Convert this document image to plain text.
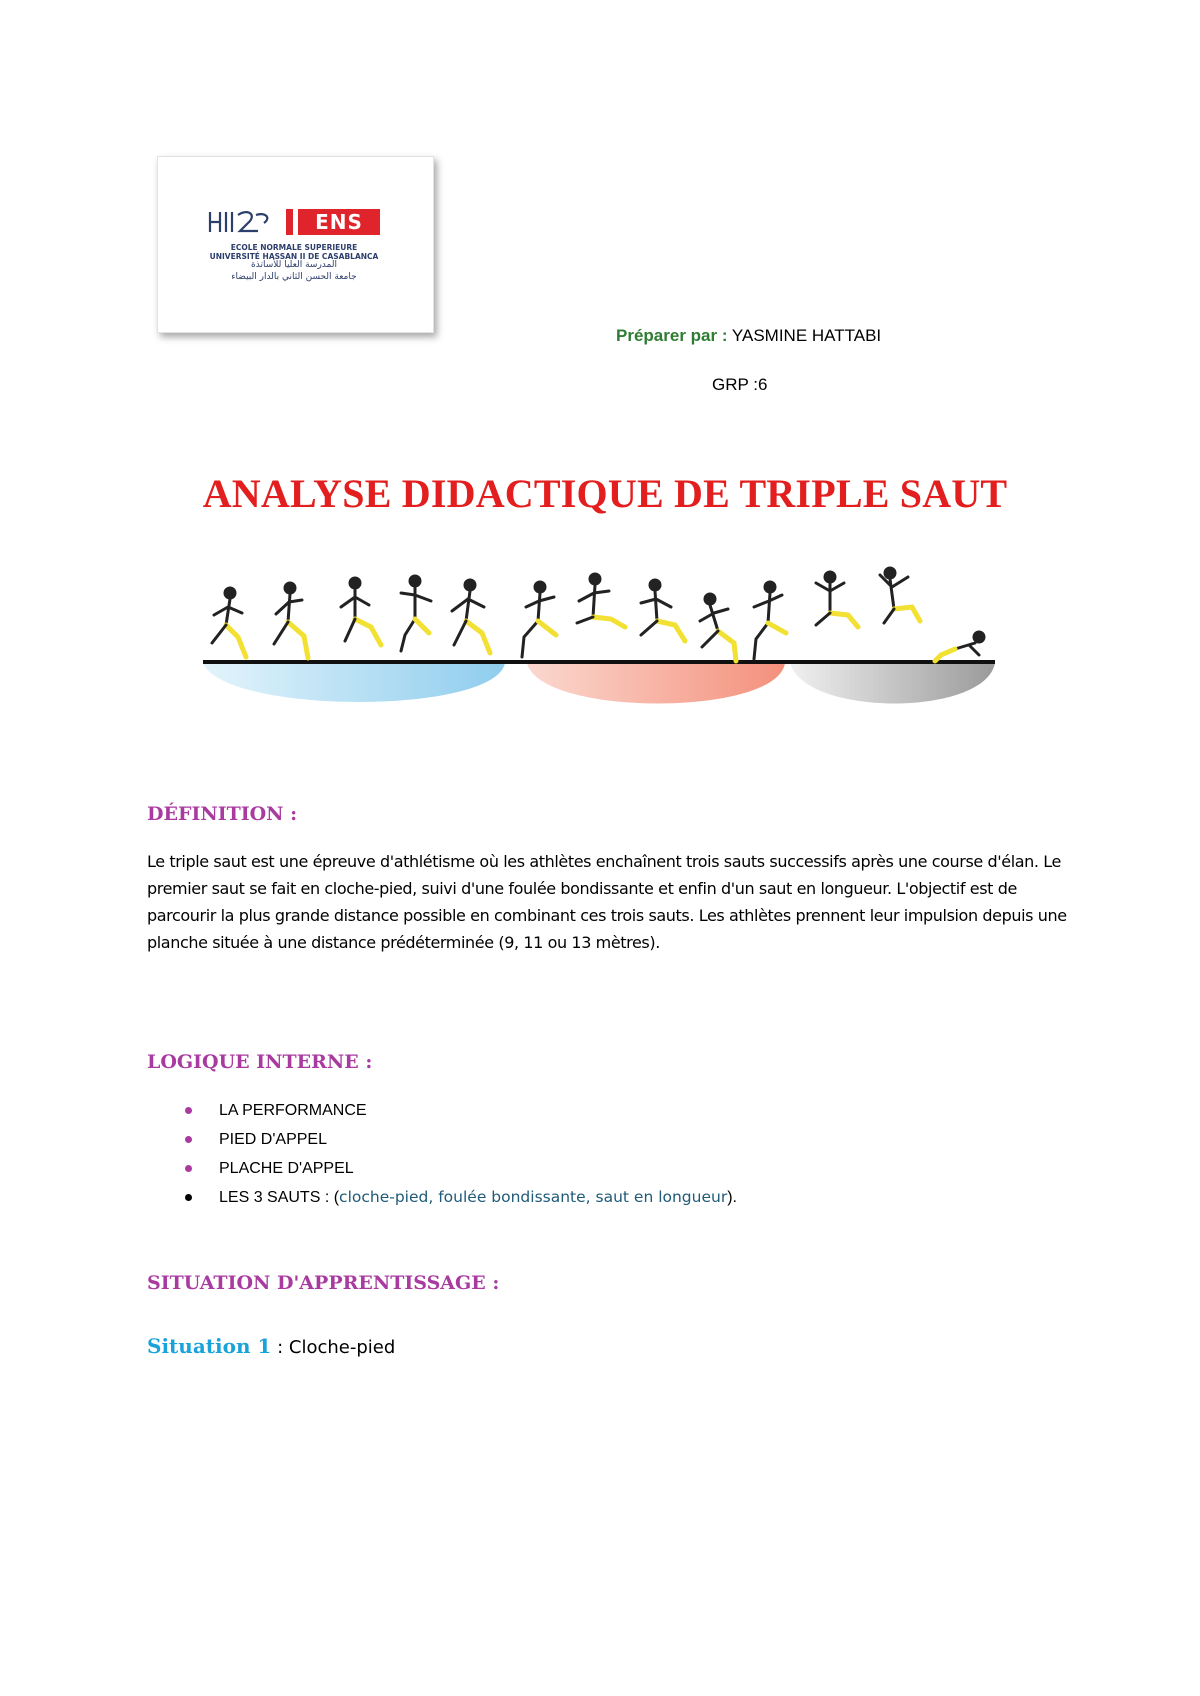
ENS
ECOLE NORMALE SUPERIEURE
UNIVERSITÉ HASSAN II DE CASABLANCA
المدرسة العليا للأساتذة
جامعة الحسن الثاني بالدار البيضاء
Préparer par : YASMINE HATTABI
GRP :6
ANALYSE DIDACTIQUE DE TRIPLE SAUT
DÉFINITION :
Le triple saut est une épreuve d'athlétisme où les athlètes enchaînent trois sauts successifs après une course d'élan. Le premier saut se fait en cloche-pied, suivi d'une foulée bondissante et enfin d'un saut en longueur. L'objectif est de parcourir la plus grande distance possible en combinant ces trois sauts. Les athlètes prennent leur impulsion depuis une planche située à une distance prédéterminée (9, 11 ou 13 mètres).
LOGIQUE INTERNE :
LA PERFORMANCE
PIED D'APPEL
PLACHE D'APPEL
LES 3 SAUTS : (cloche-pied, foulée bondissante, saut en longueur).
SITUATION D'APPRENTISSAGE :
Situation 1 : Cloche-pied
